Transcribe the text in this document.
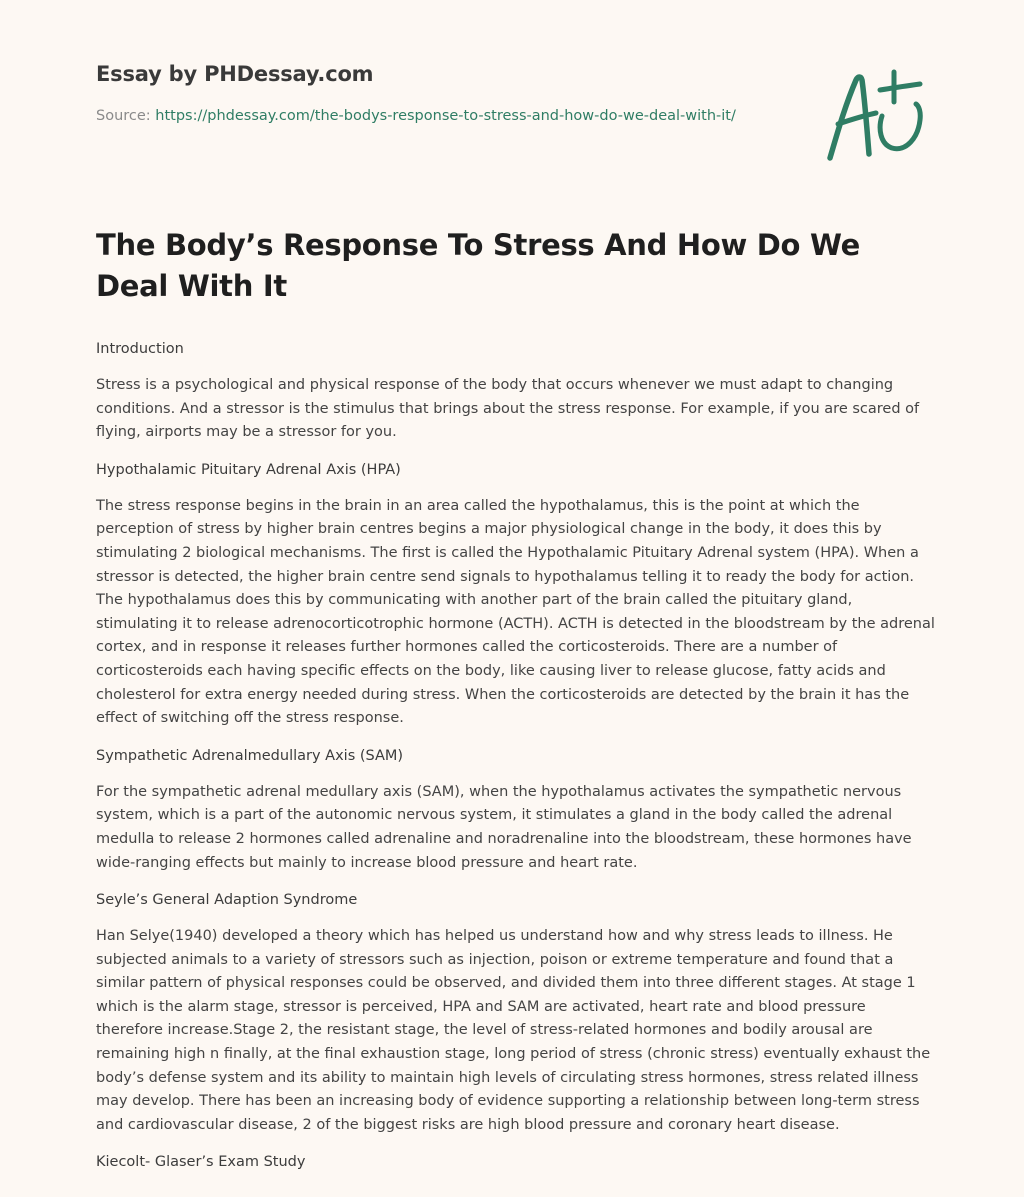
Essay by PHDessay.com
Source: https://phdessay.com/the-bodys-response-to-stress-and-how-do-we-deal-with-it/
The Body’s Response To Stress And How Do We Deal With It

Introduction

Stress is a psychological and physical response of the body that occurs whenever we must adapt to changing conditions. And a stressor is the stimulus that brings about the stress response. For example, if you are scared of flying, airports may be a stressor for you.

Hypothalamic Pituitary Adrenal Axis (HPA)

The stress response begins in the brain in an area called the hypothalamus, this is the point at which the perception of stress by higher brain centres begins a major physiological change in the body, it does this by stimulating 2 biological mechanisms. The first is called the Hypothalamic Pituitary Adrenal system (HPA). When a stressor is detected, the higher brain centre send signals to hypothalamus telling it to ready the body for action. The hypothalamus does this by communicating with another part of the brain called the pituitary gland, stimulating it to release adrenocorticotrophic hormone (ACTH). ACTH is detected in the bloodstream by the adrenal cortex, and in response it releases further hormones called the corticosteroids. There are a number of corticosteroids each having specific effects on the body, like causing liver to release glucose, fatty acids and cholesterol for extra energy needed during stress. When the corticosteroids are detected by the brain it has the effect of switching off the stress response.

Sympathetic Adrenalmedullary Axis (SAM)

For the sympathetic adrenal medullary axis (SAM), when the hypothalamus activates the sympathetic nervous system, which is a part of the autonomic nervous system, it stimulates a gland in the body called the adrenal medulla to release 2 hormones called adrenaline and noradrenaline into the bloodstream, these hormones have wide-ranging effects but mainly to increase blood pressure and heart rate.

Seyle’s General Adaption Syndrome

Han Selye(1940) developed a theory which has helped us understand how and why stress leads to illness. He subjected animals to a variety of stressors such as injection, poison or extreme temperature and found that a similar pattern of physical responses could be observed, and divided them into three different stages. At stage 1 which is the alarm stage, stressor is perceived, HPA and SAM are activated, heart rate and blood pressure therefore increase.Stage 2, the resistant stage, the level of stress-related hormones and bodily arousal are remaining high n finally, at the final exhaustion stage, long period of stress (chronic stress) eventually exhaust the body’s defense system and its ability to maintain high levels of circulating stress hormones, stress related illness may develop. There has been an increasing body of evidence supporting a relationship between long-term stress and cardiovascular disease, 2 of the biggest risks are high blood pressure and coronary heart disease.

Kiecolt- Glaser’s Exam Study
